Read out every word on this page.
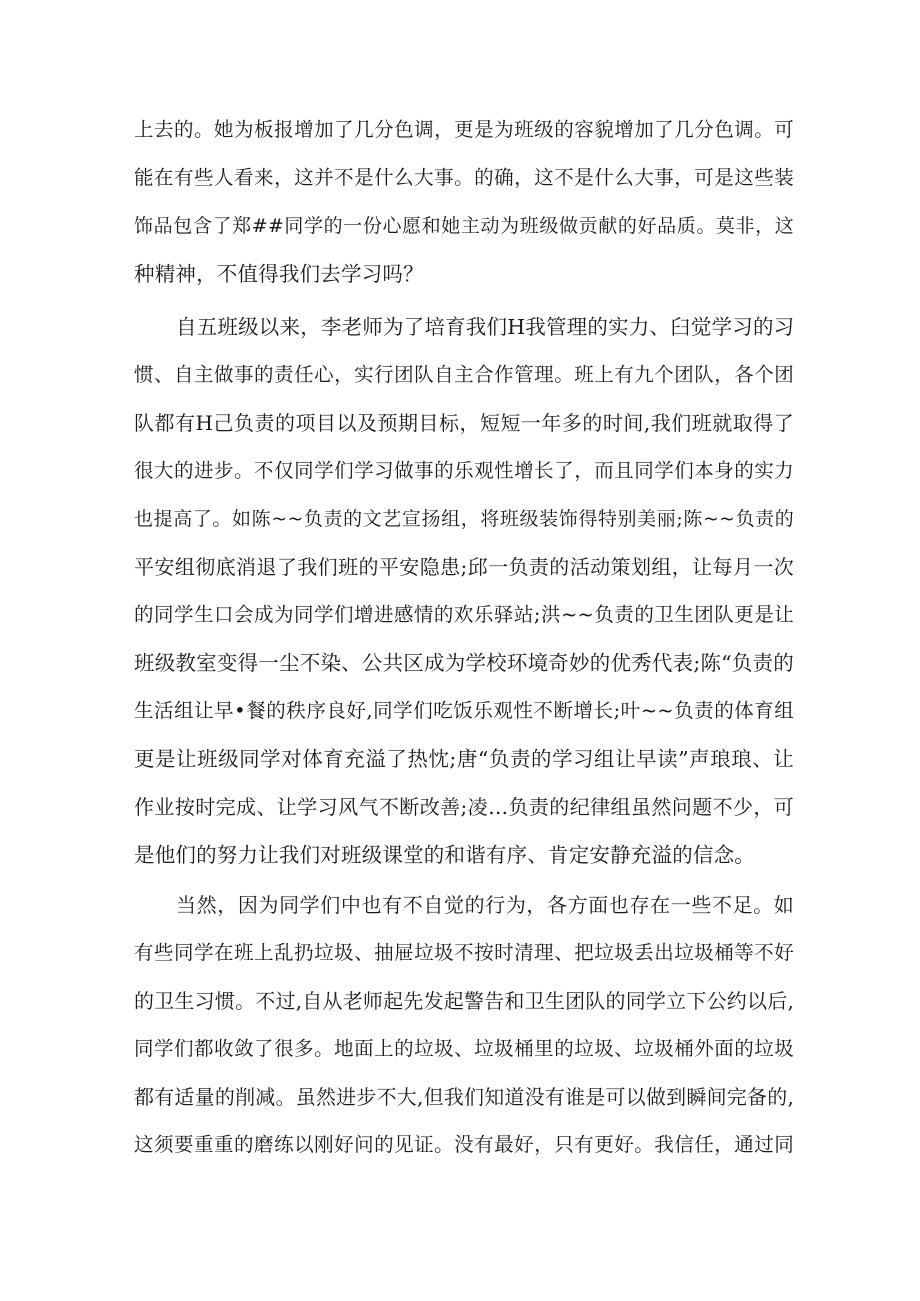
上去的。她为板报增加了几分色调，更是为班级的容貌增加了几分色调。可
能在有些人看来，这并不是什么大事。的确，这不是什么大事，可是这些装
饰品包含了郑##同学的一份心愿和她主动为班级做贡献的好品质。莫非，这
种精神，不值得我们去学习吗？
自五班级以来，李老师为了培育我们H我管理的实力、臼觉学习的习
惯、自主做事的责任心，实行团队自主合作管理。班上有九个团队，各个团
队都有H己负责的项目以及预期目标，短短一年多的时间,我们班就取得了
很大的进步。不仅同学们学习做事的乐观性增长了，而且同学们本身的实力
也提高了。如陈~~负责的文艺宣扬组，将班级装饰得特别美丽;陈~~负责的
平安组彻底消退了我们班的平安隐患;邱一负责的活动策划组，让每月一次
的同学生口会成为同学们增进感情的欢乐驿站;洪~~负责的卫生团队更是让
班级教室变得一尘不染、公共区成为学校环境奇妙的优秀代表;陈“负责的
生活组让早•餐的秩序良好,同学们吃饭乐观性不断增长;叶~~负责的体育组
更是让班级同学对体育充溢了热忱;唐“负责的学习组让早读”声琅琅、让
作业按时完成、让学习风气不断改善;凌…负责的纪律组虽然问题不少，可
是他们的努力让我们对班级课堂的和谐有序、肯定安静充溢的信念。
当然，因为同学们中也有不自觉的行为，各方面也存在一些不足。如
有些同学在班上乱扔垃圾、抽屉垃圾不按时清理、把垃圾丢出垃圾桶等不好
的卫生习惯。不过,自从老师起先发起警告和卫生团队的同学立下公约以后,
同学们都收敛了很多。地面上的垃圾、垃圾桶里的垃圾、垃圾桶外面的垃圾
都有适量的削减。虽然进步不大,但我们知道没有谁是可以做到瞬间完备的,
这须要重重的磨练以刚好问的见证。没有最好，只有更好。我信任，通过同
